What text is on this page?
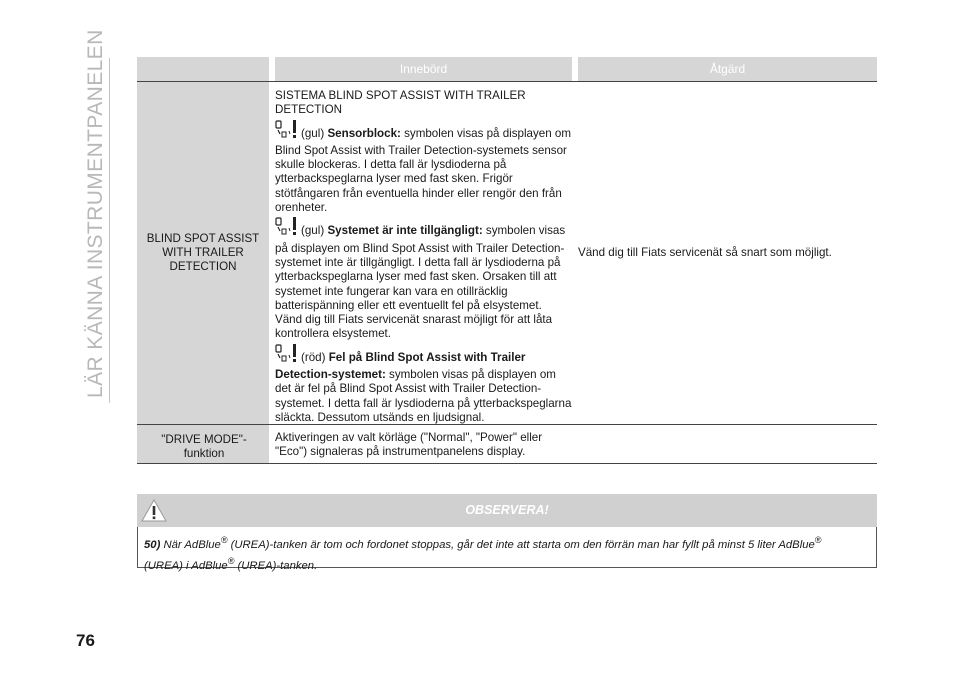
LÄR KÄNNA INSTRUMENTPANELEN	Innebörd	Åtgärd
BLIND SPOT ASSIST WITH TRAILER DETECTION

SISTEMA BLIND SPOT ASSIST WITH TRAILER DETECTION

(gul) Sensorblock: symbolen visas på displayen om Blind Spot Assist with Trailer Detection-systemets sensor skulle blockeras. I detta fall är lysdioderna på ytterbackspeglarna lyser med fast sken. Frigör stötfångaren från eventuella hinder eller rengör den från orenheter.

(gul) Systemet är inte tillgängligt: symbolen visas på displayen om Blind Spot Assist with Trailer Detection-systemet inte är tillgängligt. I detta fall är lysdioderna på ytterbackspeglarna lyser med fast sken. Orsaken till att systemet inte fungerar kan vara en otillräcklig batterispänning eller ett eventuellt fel på elsystemet. Vänd dig till Fiats servicenät snarast möjligt för att låta kontrollera elsystemet.

(röd) Fel på Blind Spot Assist with Trailer Detection-systemet: symbolen visas på displayen om det är fel på Blind Spot Assist with Trailer Detection-systemet. I detta fall är lysdioderna på ytterbackspeglarna släckta. Dessutom utsänds en ljudsignal.

Vänd dig till Fiats servicenät så snart som möjligt.
"DRIVE MODE"-funktion
Aktiveringen av valt körläge ("Normal", "Power" eller "Eco") signaleras på instrumentpanelens display.
OBSERVERA!
50) När AdBlue® (UREA)-tanken är tom och fordonet stoppas, går det inte att starta om den förrän man har fyllt på minst 5 liter AdBlue®
(UREA) i AdBlue® (UREA)-tanken.
76
